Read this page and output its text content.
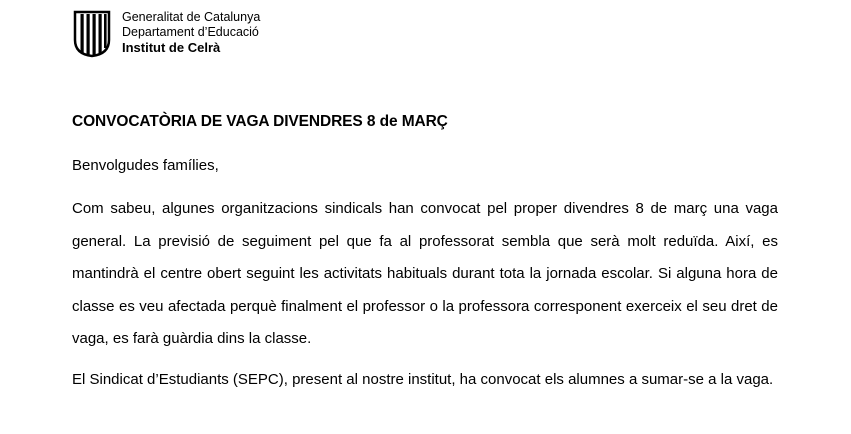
Generalitat de Catalunya
Departament d’Educació
Institut de Celrà
CONVOCATÒRIA DE VAGA DIVENDRES 8 de MARÇ
Benvolgudes famílies,

Com sabeu, algunes organitzacions sindicals han convocat pel proper divendres 8 de març una vaga general. La previsió de seguiment pel que fa al professorat sembla que serà molt reduïda. Així, es mantindrà el centre obert seguint les activitats habituals durant tota la jornada escolar. Si alguna hora de classe es veu afectada perquè finalment el professor o la professora corresponent exerceix el seu dret de vaga, es farà guàrdia dins la classe.

El Sindicat d’Estudiants (SEPC), present al nostre institut, ha convocat els alumnes a sumar-se a la vaga.
